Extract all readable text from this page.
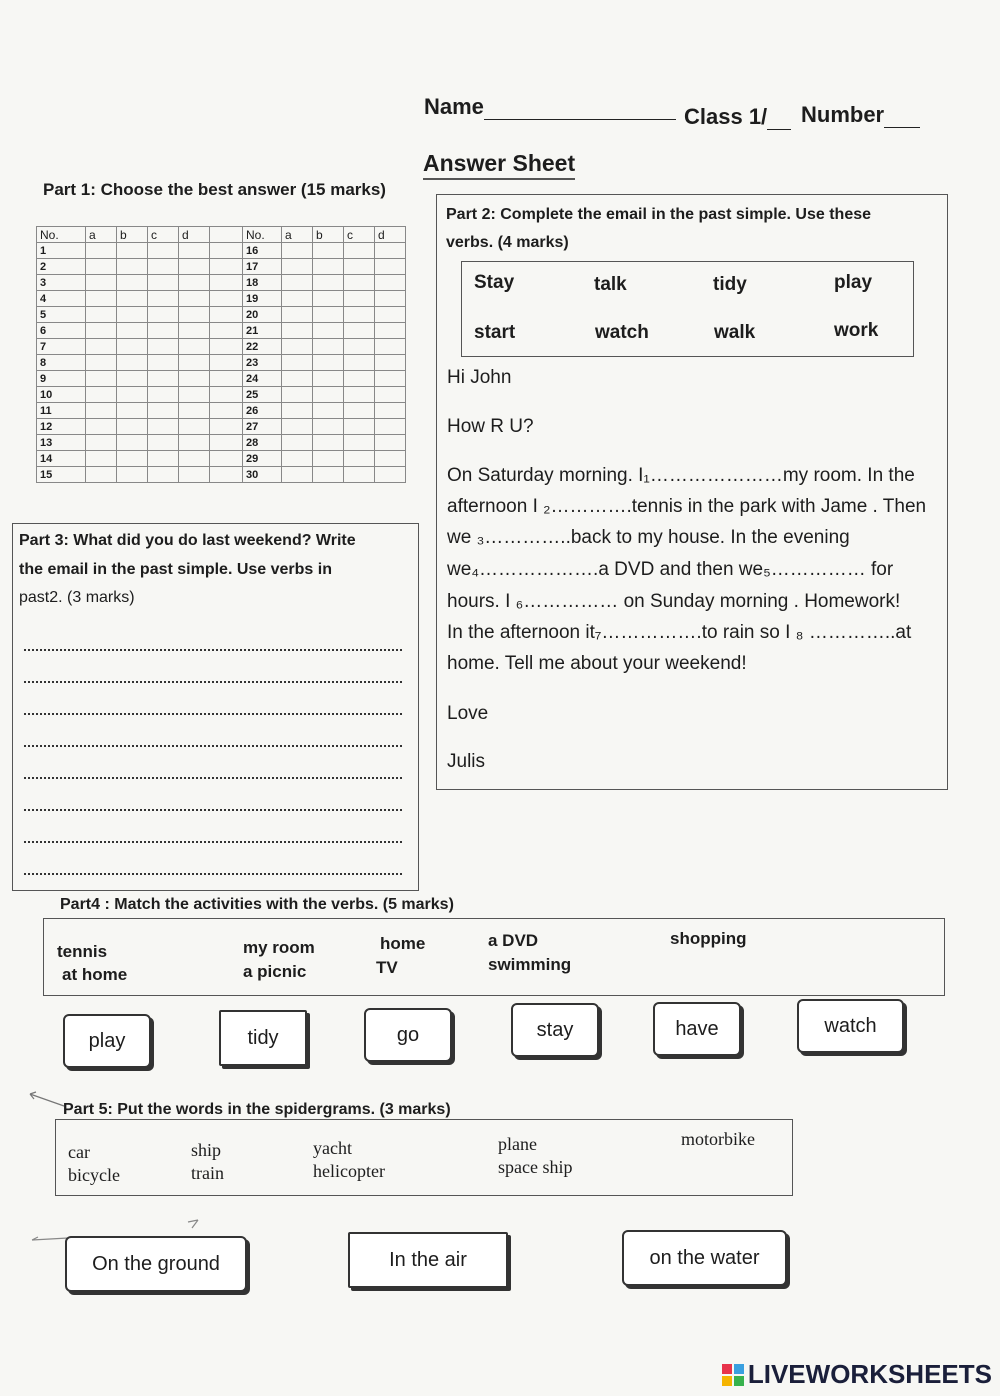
Name	Class 1/	Number
Answer Sheet
Part 1: Choose the best answer (15 marks)
No.	a	b	c	d		No.	a	b	c	d
1						16				
2						17				
3						18				
4						19				
5						20				
6						21				
7						22				
8						23				
9						24				
10						25				
11						26				
12						27				
13						28				
14						29				
15						30				
Part 2: Complete the email in the past simple. Use these
verbs. (4 marks)
Stay	talk	tidy	play
start	watch	walk	work
Hi John
How R U?
On Saturday morning. I₁…………………my room. In the
afternoon I ₂………….tennis in the park with Jame . Then
we ₃…………..back to my house. In the evening
we₄……………….a DVD and then we₅…………… for
hours. I ₆…………… on Sunday morning . Homework!
In the afternoon it₇…………….to rain so I ₈ …………..at
home. Tell me about your weekend!
Love
Julis
Part 3: What did you do last weekend? Write
the email in the past simple. Use verbs in
past2. (3 marks)
Part4 : Match the activities with the verbs. (5 marks)
tennis
at home
my room
a picnic
home
TV
a DVD
swimming
shopping
play	tidy	go	stay	have	watch
Part 5: Put the words in the spidergrams. (3 marks)
car
bicycle
ship
train
yacht
helicopter
plane
space ship
motorbike
On the ground	In the air	on the water
LIVEWORKSHEETS
